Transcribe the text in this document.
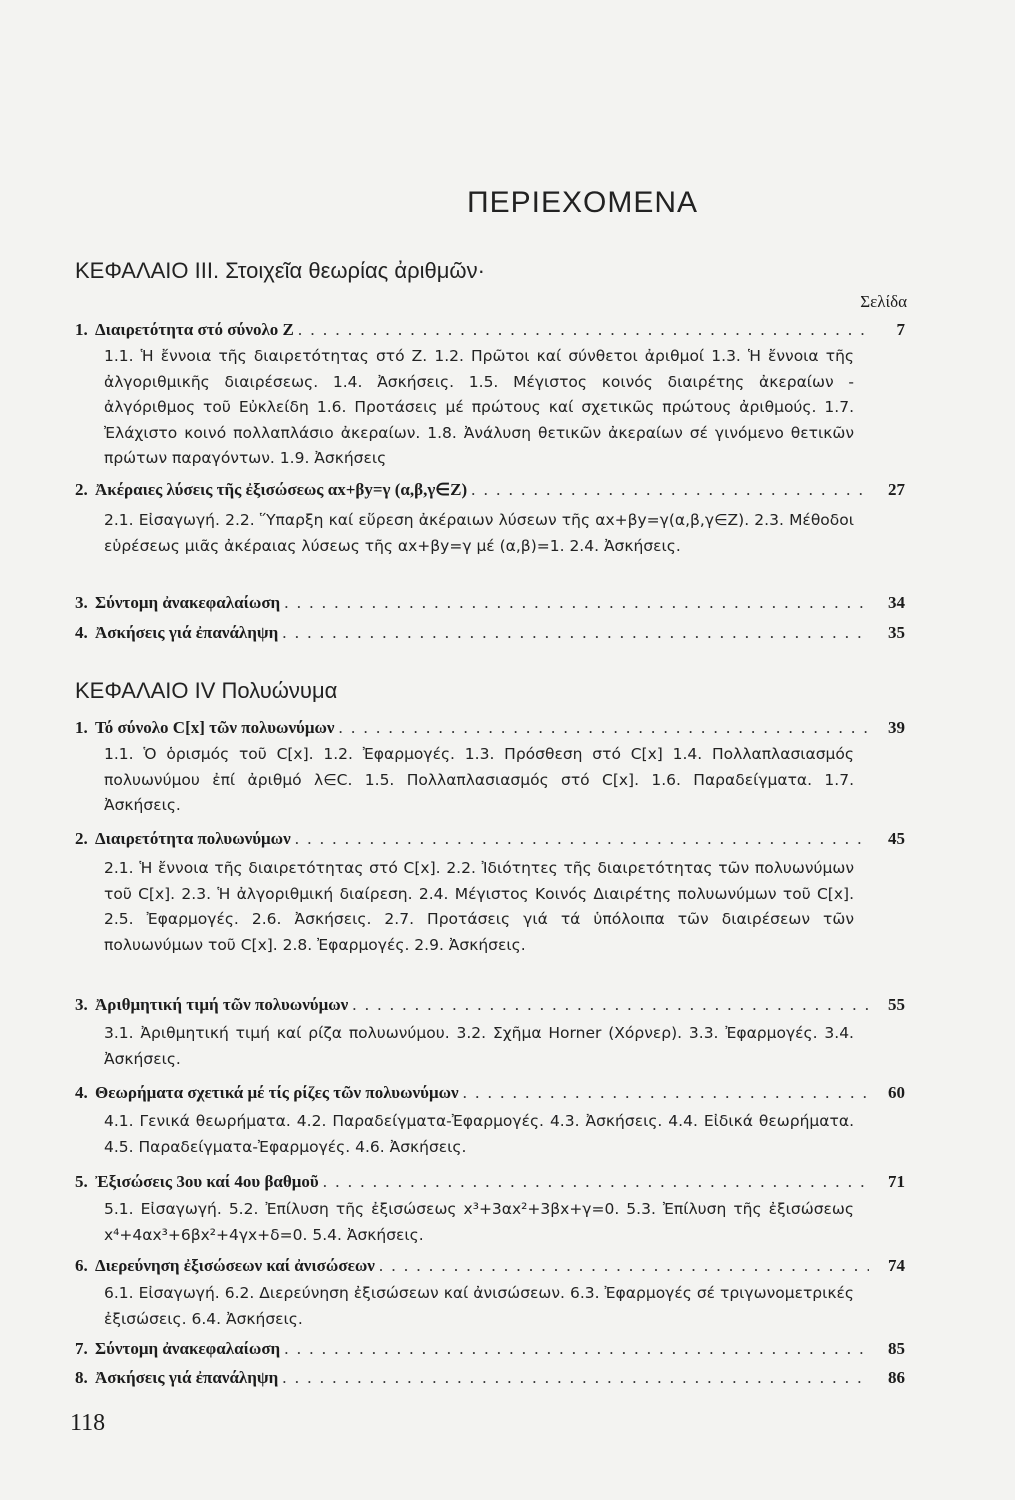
ΠΕΡΙΕΧΟΜΕΝΑ
ΚΕΦΑΛΑΙΟ ΙΙΙ. Στοιχεῖα θεωρίας ἀριθμῶν·
Σελίδα
1. Διαιρετότητα στό σύνολο Ζ . . .	7
1.1. Ἡ ἔννοια τῆς διαιρετότητας στό Ζ. 1.2. Πρῶτοι καί σύνθετοι ἀριθμοί 1.3. Ἡ ἔννοια τῆς ἀλγοριθμικῆς διαιρέσεως. 1.4. Ἀσκήσεις. 1.5. Μέγιστος κοινός διαιρέτης ἀκεραίων - ἀλγόριθμος τοῦ Εὐκλείδη 1.6. Προτάσεις μέ πρώτους καί σχετικῶς πρώτους ἀριθμούς. 1.7. Ἐλάχιστο κοινό πολλαπλάσιο ἀκεραίων. 1.8. Ἀνάλυση θετικῶν ἀκεραίων σέ γινόμενο θετικῶν πρώτων παραγόντων. 1.9. Ἀσκήσεις
2. Ἀκέραιες λύσεις τῆς ἐξισώσεως αx+βy=γ (α,β,γ∈Ζ) . . .	27
2.1. Εἰσαγωγή. 2.2. Ὕπαρξη καί εὕρεση ἀκέραιων λύσεων τῆς αx+βy=γ(α,β,γ∈Ζ). 2.3. Μέθοδοι εὑρέσεως μιᾶς ἀκέραιας λύσεως τῆς αx+βy=γ μέ (α,β)=1. 2.4. Ἀσκήσεις.
3. Σύντομη ἀνακεφαλαίωση . . .	34
4. Ἀσκήσεις γιά ἐπανάληψη . . .	35
ΚΕΦΑΛΑΙΟ IV Πολυώνυμα
1. Τό σύνολο C[x] τῶν πολυωνύμων . . .	39
1.1. Ὁ ὁρισμός τοῦ C[x]. 1.2. Ἐφαρμογές. 1.3. Πρόσθεση στό C[x] 1.4. Πολλαπλασιασμός πολυωνύμου ἐπί ἀριθμό λ∈C. 1.5. Πολλαπλασιασμός στό C[x]. 1.6. Παραδείγματα. 1.7. Ἀσκήσεις.
2. Διαιρετότητα πολυωνύμων . . .	45
2.1. Ἡ ἔννοια τῆς διαιρετότητας στό C[x]. 2.2. Ἰδιότητες τῆς διαιρετότητας τῶν πολυωνύμων τοῦ C[x]. 2.3. Ἡ ἀλγοριθμική διαίρεση. 2.4. Μέγιστος Κοινός Διαιρέτης πολυωνύμων τοῦ C[x]. 2.5. Ἐφαρμογές. 2.6. Ἀσκήσεις. 2.7. Προτάσεις γιά τά ὑπόλοιπα τῶν διαιρέσεων τῶν πολυωνύμων τοῦ C[x]. 2.8. Ἐφαρμογές. 2.9. Ἀσκήσεις.
3. Ἀριθμητική τιμή τῶν πολυωνύμων . . .	55
3.1. Ἀριθμητική τιμή καί ρίζα πολυωνύμου. 3.2. Σχῆμα Horner (Χόρνερ). 3.3. Ἐφαρμογές. 3.4. Ἀσκήσεις.
4. Θεωρήματα σχετικά μέ τίς ρίζες τῶν πολυωνύμων . . .	60
4.1. Γενικά θεωρήματα. 4.2. Παραδείγματα-Ἐφαρμογές. 4.3. Ἀσκήσεις. 4.4. Εἰδικά θεωρήματα. 4.5. Παραδείγματα-Ἐφαρμογές. 4.6. Ἀσκήσεις.
5. Ἐξισώσεις 3ου καί 4ου βαθμοῦ . . .	71
5.1. Εἰσαγωγή. 5.2. Ἐπίλυση τῆς ἐξισώσεως x³+3αx²+3βx+γ=0. 5.3. Ἐπίλυση τῆς ἐξισώσεως x⁴+4αx³+6βx²+4γx+δ=0. 5.4. Ἀσκήσεις.
6. Διερεύνηση ἐξισώσεων καί ἀνισώσεων . . .	74
6.1. Εἰσαγωγή. 6.2. Διερεύνηση ἐξισώσεων καί ἀνισώσεων. 6.3. Ἐφαρμογές σέ τριγωνομετρικές ἐξισώσεις. 6.4. Ἀσκήσεις.
7. Σύντομη ἀνακεφαλαίωση . . .	85
8. Ἀσκήσεις γιά ἐπανάληψη . . .	86
118
